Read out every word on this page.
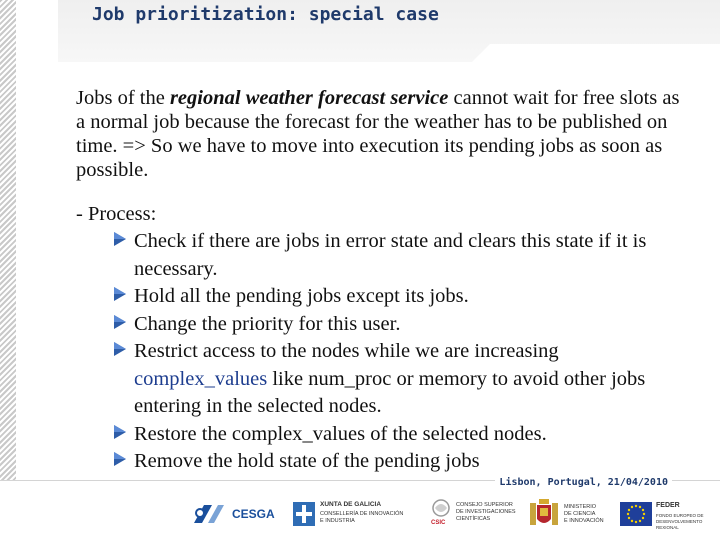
Job prioritization: special case

Jobs of the regional weather forecast service cannot wait for free slots as a normal job because the forecast for the weather has to be published on time. => So we have to move into execution its pending jobs as soon as possible.

- Process:
Check if there are jobs in error state and clears this state if it is necessary.
Hold all the pending jobs except its jobs.
Change the priority for this user.
Restrict access to the nodes while we are increasing complex_values like num_proc or memory to avoid other jobs entering in the selected nodes.
Restore the complex_values of the selected nodes.
Remove the hold state of the pending jobs
Lisbon, Portugal, 21/04/2010
CESGA
XUNTA DE GALICIA
CONSELLERÍA DE INNOVACIÓN
E INDUSTRIA	CSIC
CONSEJO SUPERIOR
DE INVESTIGACIONES
CIENTÍFICAS
MINISTERIO
DE CIENCIA
E INNOVACIÓN
FEDER
FONDO EUROPEO DE
DESENVOLVEMENTO REXIONAL
